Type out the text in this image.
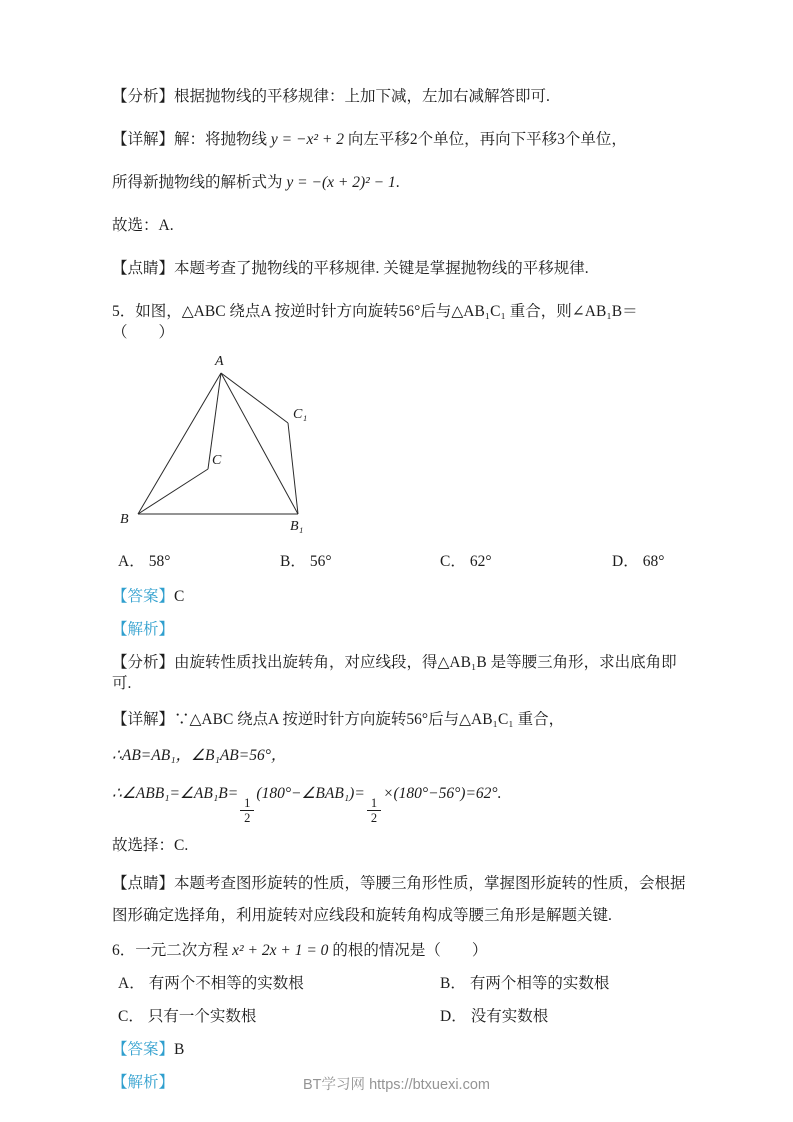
【分析】根据抛物线的平移规律：上加下减，左加右减解答即可.

【详解】解：将抛物线 y = −x² + 2 向左平移2个单位，再向下平移3个单位，

所得新抛物线的解析式为 y = −(x + 2)² − 1.

故选：A.

【点睛】本题考查了抛物线的平移规律. 关键是掌握抛物线的平移规律.

5．如图，△ABC 绕点A 按逆时针方向旋转56°后与△AB₁C₁ 重合，则∠AB₁B＝（　　）

A
B	B₁
C
C₁
A． 58°	B． 56°	C． 62°	D． 68°

【答案】C

【解析】

【分析】由旋转性质找出旋转角，对应线段，得△AB₁B 是等腰三角形，求出底角即可.

【详解】∵△ABC 绕点A 按逆时针方向旋转56°后与△AB₁C₁ 重合，

∴AB=AB₁，∠B₁AB=56°，

∴∠ABB₁=∠AB₁B=
$\frac{1}{2}$
(180°−∠BAB₁)=
$\frac{1}{2}$
×(180°−56°)=62°.

故选择：C.

【点睛】本题考查图形旋转的性质，等腰三角形性质，掌握图形旋转的性质，会根据图形确定选择角，利用旋转对应线段和旋转角构成等腰三角形是解题关键.

6．一元二次方程 x² + 2x + 1 = 0 的根的情况是（　　）

A． 有两个不相等的实数根	B． 有两个相等的实数根
C． 只有一个实数根	D． 没有实数根

【答案】B

【解析】	BT学习网 https://btxuexi.com
